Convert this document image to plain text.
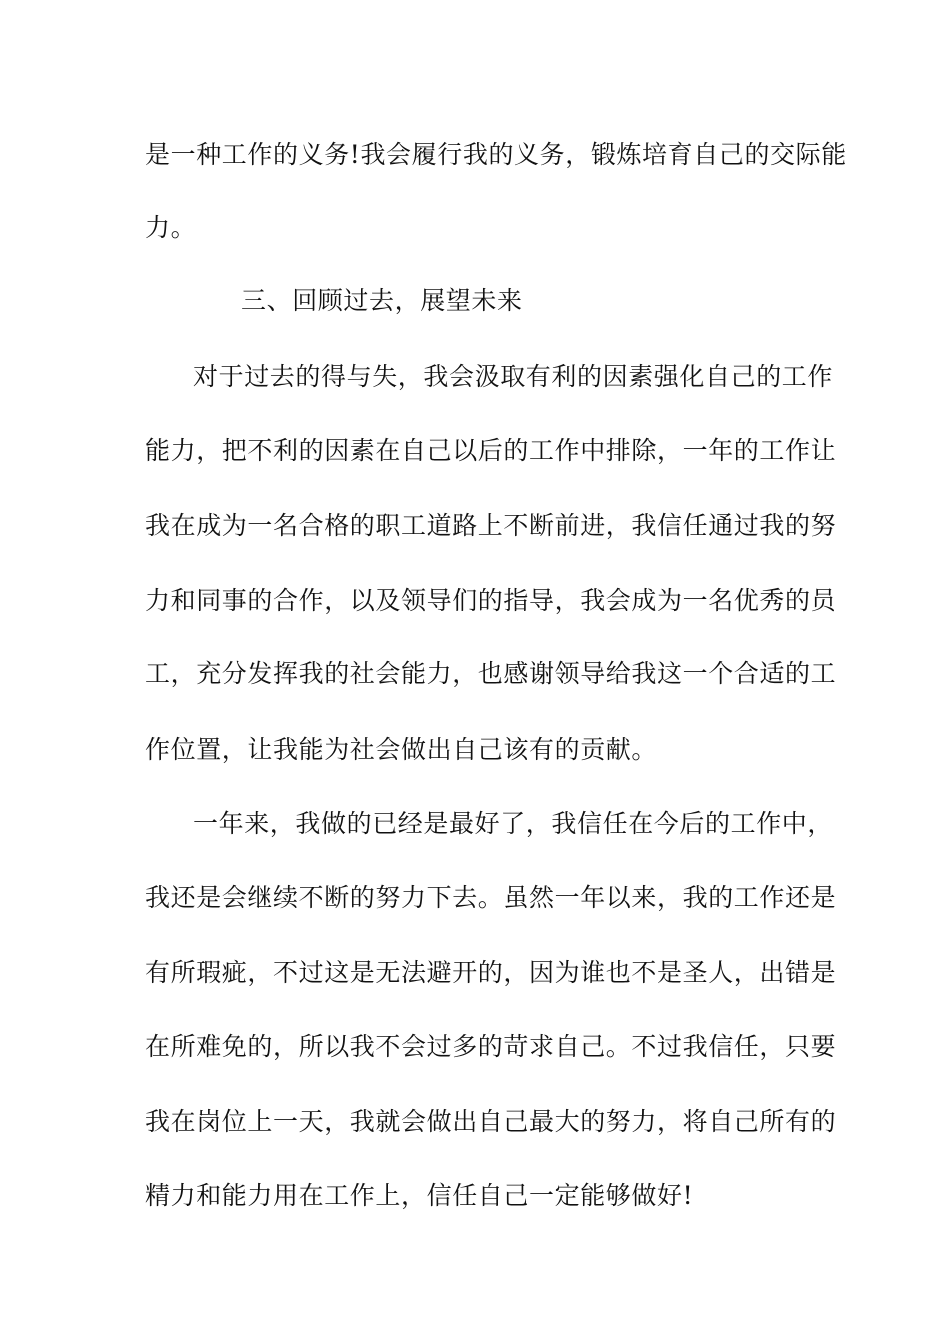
是一种工作的义务!我会履行我的义务，锻炼培育自己的交际能
力。
三、回顾过去，展望未来
对于过去的得与失，我会汲取有利的因素强化自己的工作
能力，把不利的因素在自己以后的工作中排除，一年的工作让
我在成为一名合格的职工道路上不断前进，我信任通过我的努
力和同事的合作，以及领导们的指导，我会成为一名优秀的员
工，充分发挥我的社会能力，也感谢领导给我这一个合适的工
作位置，让我能为社会做出自己该有的贡献。
一年来，我做的已经是最好了，我信任在今后的工作中，
我还是会继续不断的努力下去。虽然一年以来，我的工作还是
有所瑕疵，不过这是无法避开的，因为谁也不是圣人，出错是
在所难免的，所以我不会过多的苛求自己。不过我信任，只要
我在岗位上一天，我就会做出自己最大的努力，将自己所有的
精力和能力用在工作上，信任自己一定能够做好!
